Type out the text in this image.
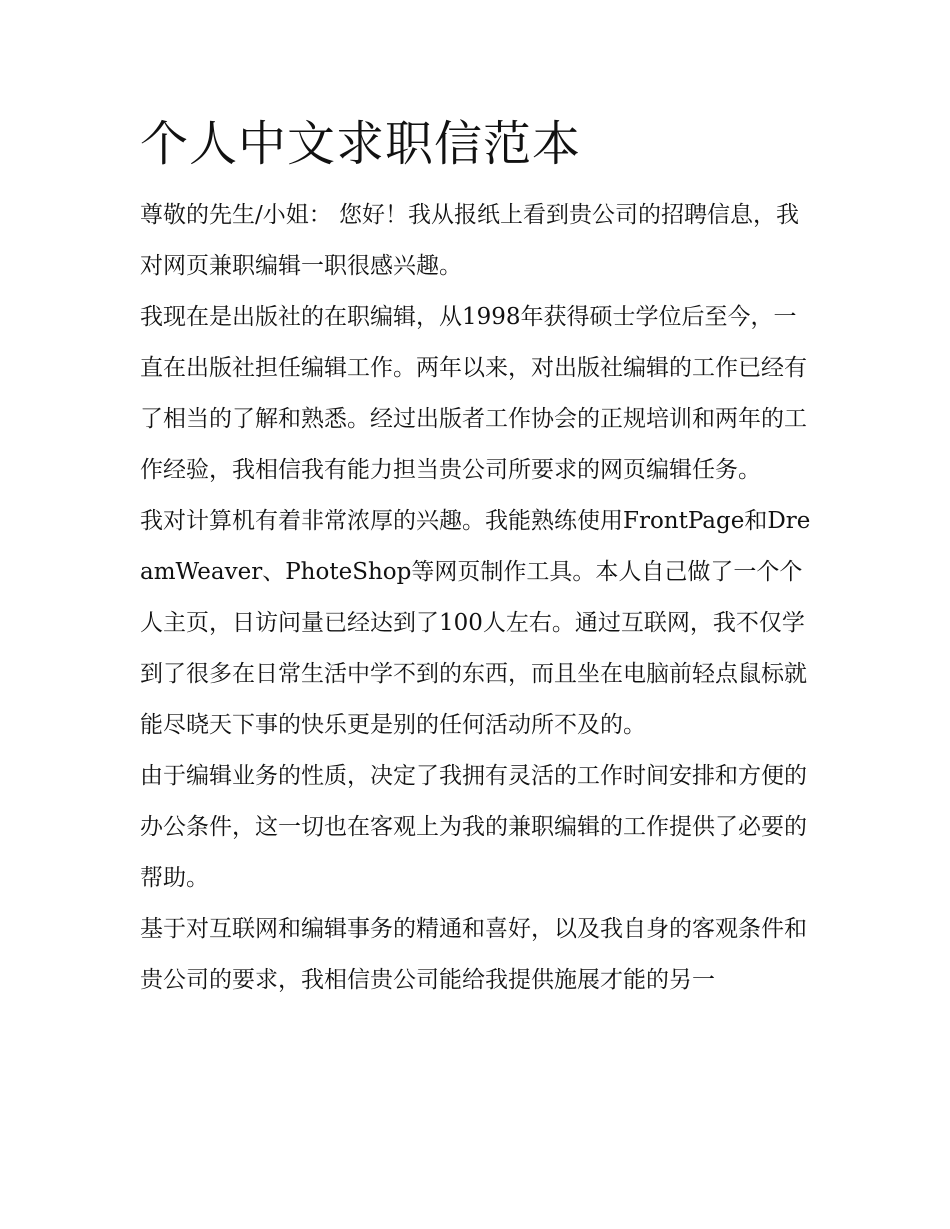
个人中文求职信范本

尊敬的先生/小姐： 您好！我从报纸上看到贵公司的招聘信息，我对网页兼职编辑一职很感兴趣。

我现在是出版社的在职编辑，从1998年获得硕士学位后至今，一直在出版社担任编辑工作。两年以来，对出版社编辑的工作已经有了相当的了解和熟悉。经过出版者工作协会的正规培训和两年的工作经验，我相信我有能力担当贵公司所要求的网页编辑任务。

我对计算机有着非常浓厚的兴趣。我能熟练使用FrontPage和DreamWeaver、PhoteShop等网页制作工具。本人自己做了一个个人主页，日访问量已经达到了100人左右。通过互联网，我不仅学到了很多在日常生活中学不到的东西，而且坐在电脑前轻点鼠标就能尽晓天下事的快乐更是别的任何活动所不及的。

由于编辑业务的性质，决定了我拥有灵活的工作时间安排和方便的办公条件，这一切也在客观上为我的兼职编辑的工作提供了必要的帮助。

基于对互联网和编辑事务的精通和喜好，以及我自身的客观条件和贵公司的要求，我相信贵公司能给我提供施展才能的另一
